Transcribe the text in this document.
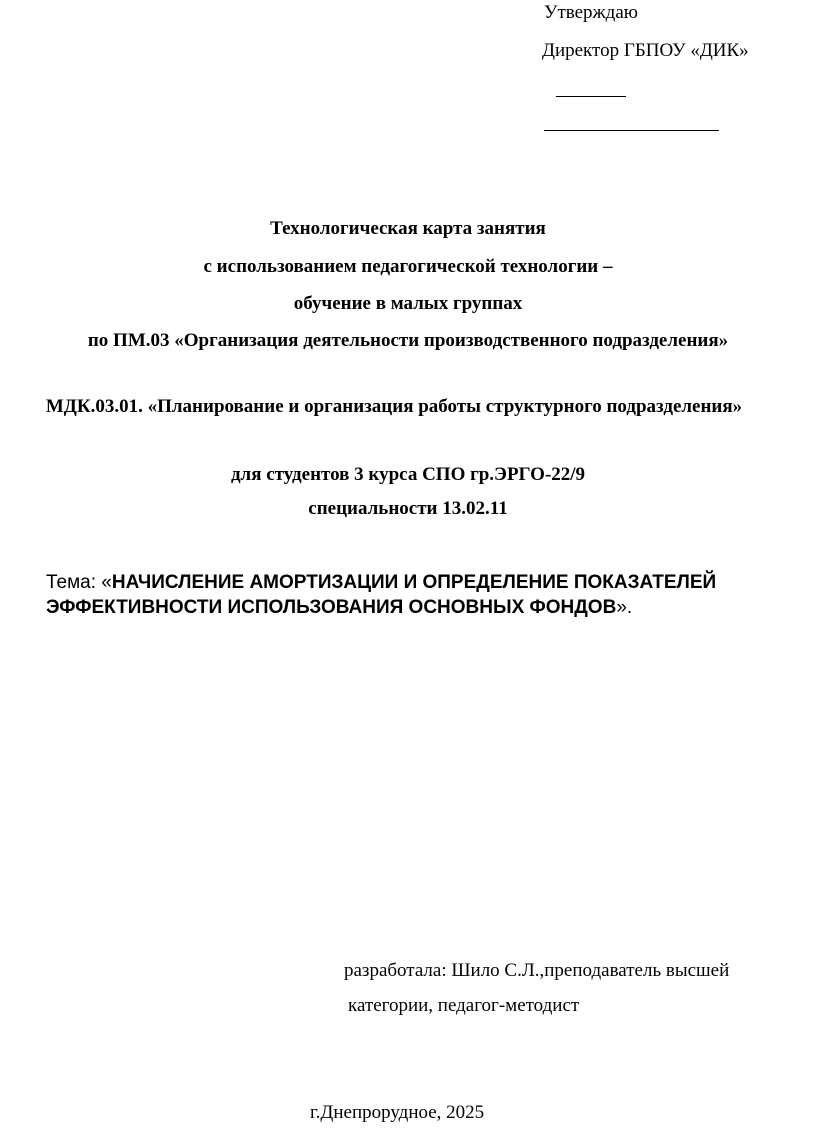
Утверждаю
Директор ГБПОУ «ДИК»
Технологическая карта занятия
с использованием педагогической технологии –
обучение в малых группах
по ПМ.03 «Организация деятельности производственного подразделения»
МДК.03.01. «Планирование и организация работы структурного подразделения»
для студентов 3 курса СПО гр.ЭРГО-22/9
специальности 13.02.11
Тема: «НАЧИСЛЕНИЕ АМОРТИЗАЦИИ И ОПРЕДЕЛЕНИЕ ПОКАЗАТЕЛЕЙ ЭФФЕКТИВНОСТИ ИСПОЛЬЗОВАНИЯ ОСНОВНЫХ ФОНДОВ».
разработала: Шило С.Л.,преподаватель высшей
категории, педагог-методист
г.Днепрорудное, 2025
